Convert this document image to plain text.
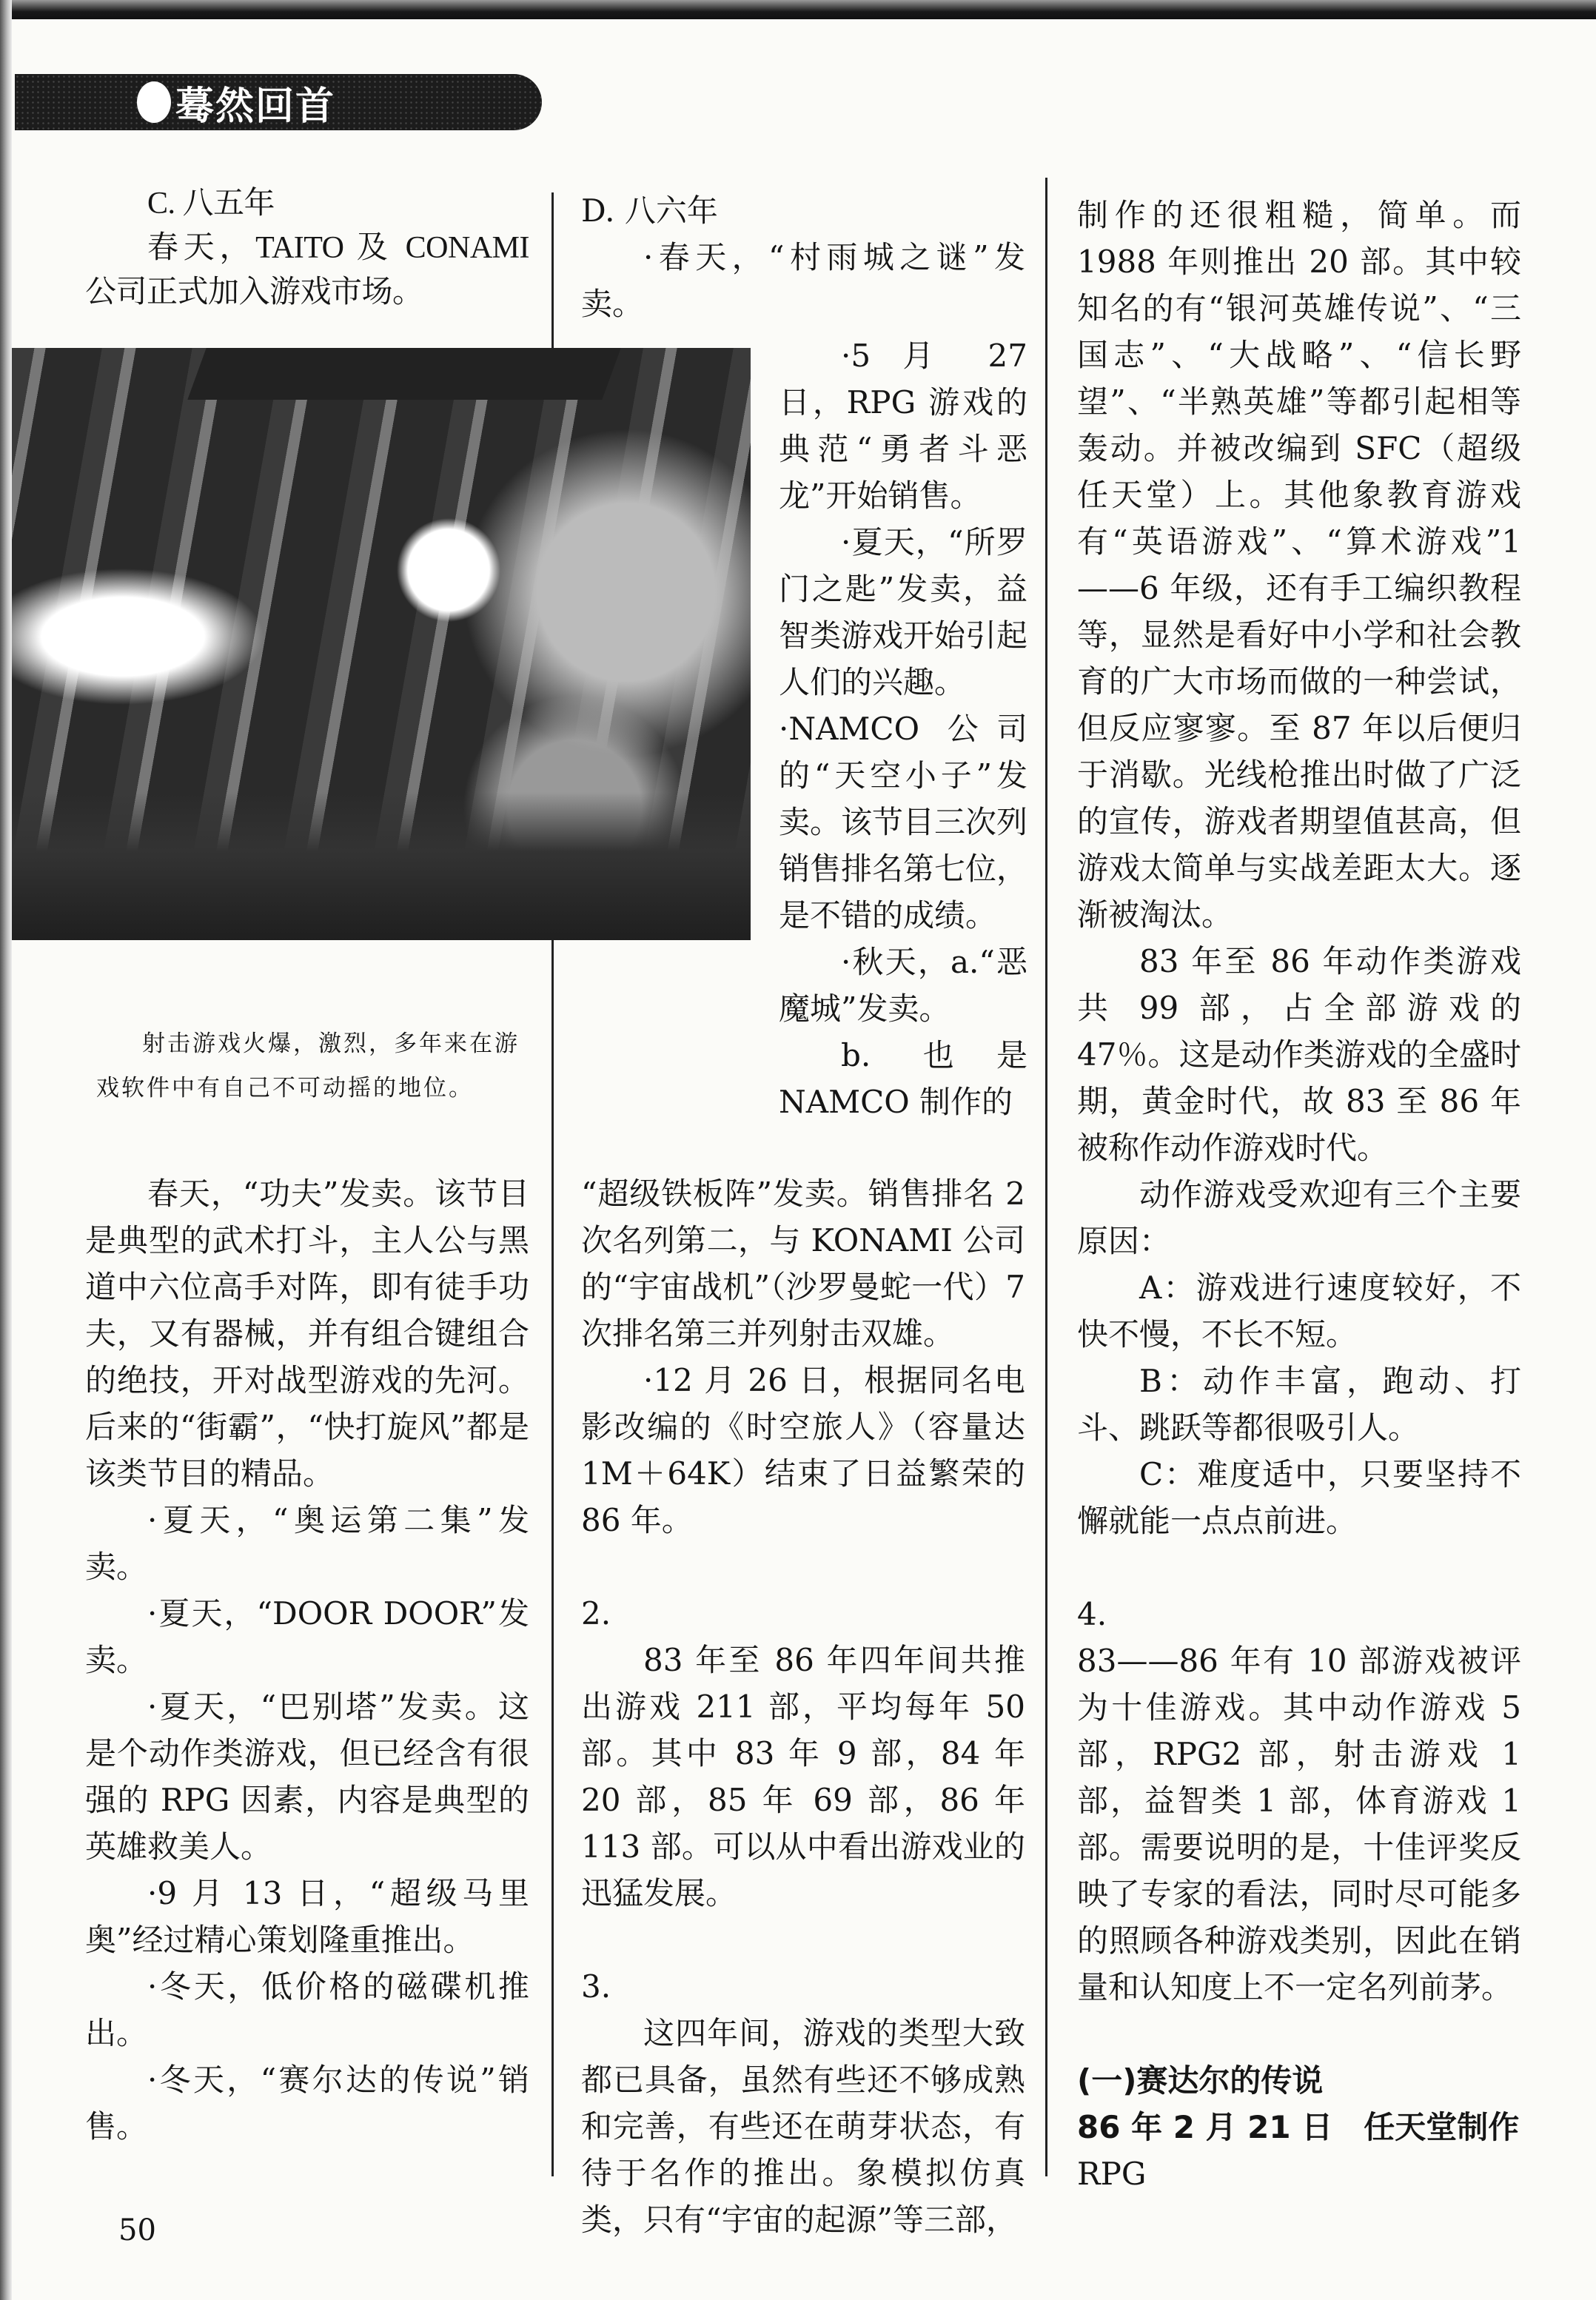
蓦然回首

C. 八五年

春天，TAITO 及 CONAMI 公司正式加入游戏市场。

射击游戏火爆，激烈，多年来在游戏软件中有自己不可动摇的地位。

春天，“功夫”发卖。该节目是典型的武术打斗，主人公与黑道中六位高手对阵，即有徒手功夫，又有器械，并有组合键组合的绝技，开对战型游戏的先河。后来的“街霸”，“快打旋风”都是该类节目的精品。

·夏天，“奥运第二集”发卖。

·夏天，“DOOR DOOR”发卖。

·夏天，“巴别塔”发卖。这是个动作类游戏，但已经含有很强的 RPG 因素，内容是典型的英雄救美人。

·9 月 13 日，“超级马里奥”经过精心策划隆重推出。

·冬天，低价格的磁碟机推出。

·冬天，“赛尔达的传说”销售。

D. 八六年

·春天，“村雨城之谜”发卖。

·5 月 27 日，RPG 游戏的典范“勇者斗恶龙”开始销售。

·夏天，“所罗门之匙”发卖，益智类游戏开始引起人们的兴趣。

·NAMCO 公司的“天空小子”发卖。该节目三次列销售排名第七位，是不错的成绩。

·秋天，a.“恶魔城”发卖。

b. 也是 NAMCO 制作的

“超级铁板阵”发卖。销售排名 2 次名列第二，与 KONAMI 公司的“宇宙战机”（沙罗曼蛇一代）7 次排名第三并列射击双雄。

·12 月 26 日，根据同名电影改编的《时空旅人》（容量达 1M＋64K）结束了日益繁荣的 86 年。

2.

83 年至 86 年四年间共推出游戏 211 部，平均每年 50 部。其中 83 年 9 部，84 年 20 部，85 年 69 部，86 年 113 部。可以从中看出游戏业的迅猛发展。

3.

这四年间，游戏的类型大致都已具备，虽然有些还不够成熟和完善，有些还在萌芽状态，有待于名作的推出。象模拟仿真类，只有“宇宙的起源”等三部，

制作的还很粗糙，简单。而 1988 年则推出 20 部。其中较知名的有“银河英雄传说”、“三国志”、“大战略”、“信长野望”、“半熟英雄”等都引起相等轰动。并被改编到 SFC（超级任天堂）上。其他象教育游戏有“英语游戏”、“算术游戏”1——6 年级，还有手工编织教程等，显然是看好中小学和社会教育的广大市场而做的一种尝试，但反应寥寥。至 87 年以后便归于消歇。光线枪推出时做了广泛的宣传，游戏者期望值甚高，但游戏太简单与实战差距太大。逐渐被淘汰。

83 年至 86 年动作类游戏共 99 部，占全部游戏的 47％。这是动作类游戏的全盛时期，黄金时代，故 83 至 86 年被称作动作游戏时代。

动作游戏受欢迎有三个主要原因：

A：游戏进行速度较好，不快不慢，不长不短。

B：动作丰富，跑动、打斗、跳跃等都很吸引人。

C：难度适中，只要坚持不懈就能一点点前进。

4.

83——86 年有 10 部游戏被评为十佳游戏。其中动作游戏 5 部，RPG2 部，射击游戏 1 部，益智类 1 部，体育游戏 1 部。需要说明的是，十佳评奖反映了专家的看法，同时尽可能多的照顾各种游戏类别，因此在销量和认知度上不一定名列前茅。

(一)赛达尔的传说

86 年 2 月 21 日　任天堂制作

RPG

50
